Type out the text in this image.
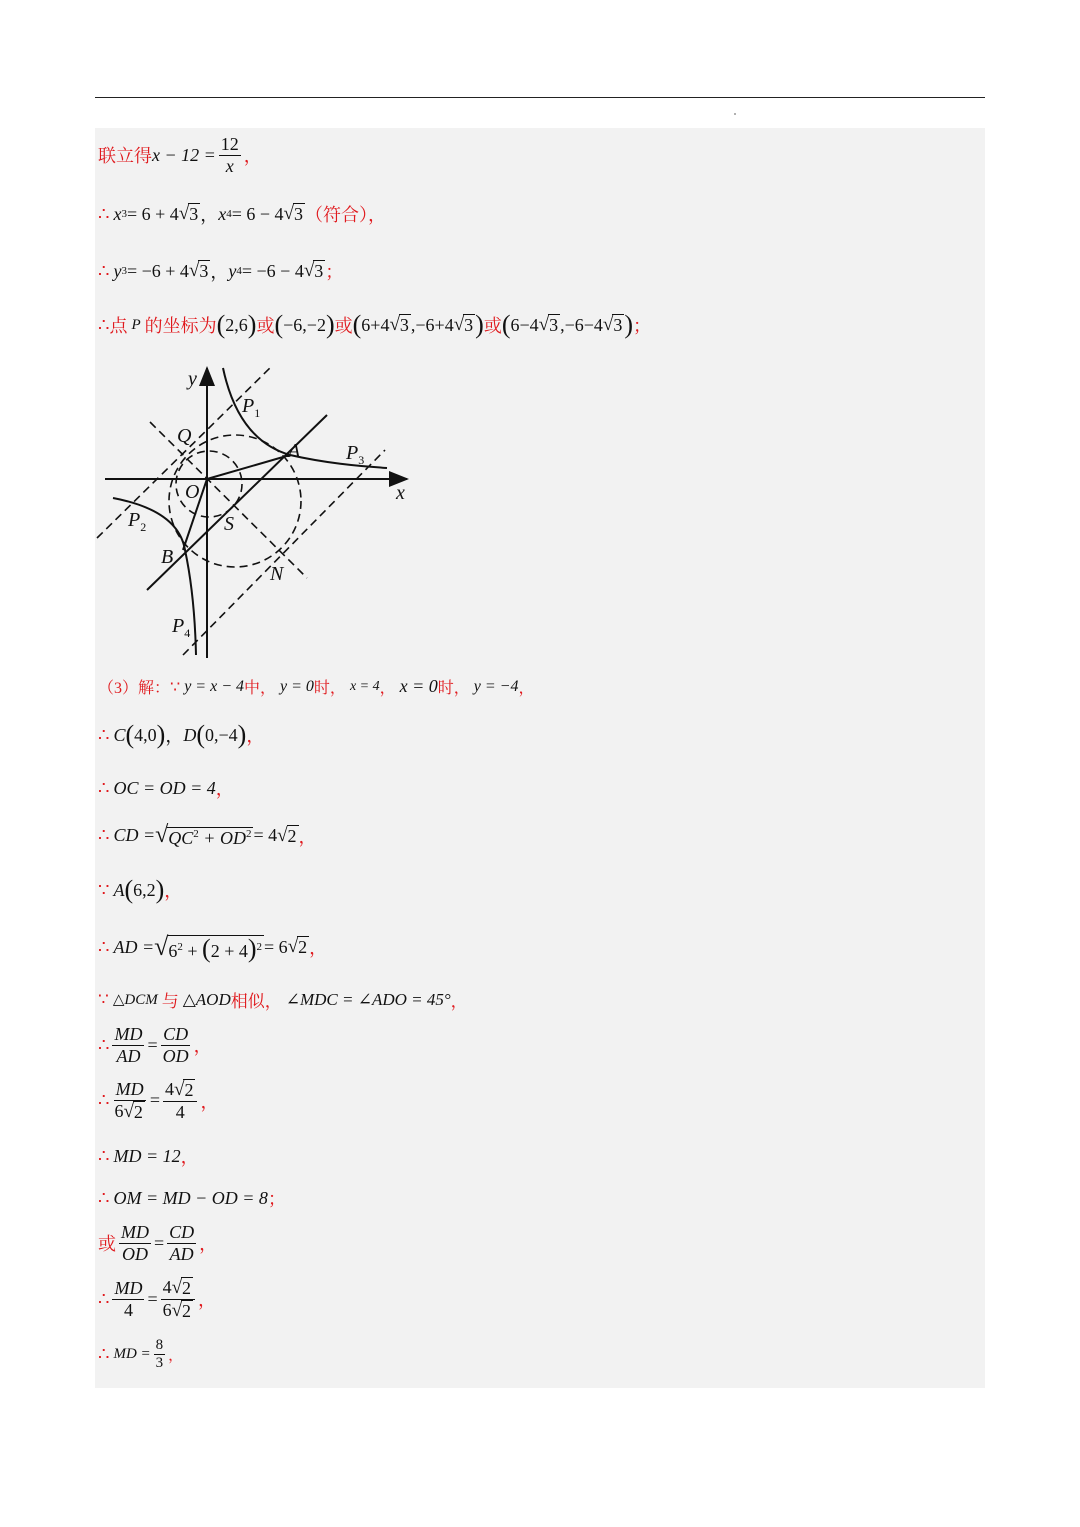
联立得 $x - 12 = \frac{12}{x}$ ，
∴ x 3 = 6 + 4 √ 3 ， x 4 = 6 − 4 √ 3 （符合），
∴ y 3 = −6 + 4 √ 3 ， y 4 = −6 − 4 √ 3 ；
∴ 点 P 的坐标为 ( 2,6 ) 或 ( −6,−2 ) 或 ( 6+4 √ 3 ,−6+4 √ 3 ) 或 ( 6−4 √ 3 ,−6−4 √ 3 ) ；
y
x
O
Q
A
B
S
N
$P_1$
$P_2$
$P_3$
$P_4$
（3）解： ∵ y = x − 4 中， y = 0 时， x = 4 ， x = 0 时， y = −4 ，
∴ C ( 4,0 ) ， D ( 0,−4 ) ，
∴ OC = OD = 4 ，
∴ CD = √ $QC^2 + OD^2 = 4$ √ 2 ，
∵ A ( 6,2 ) ，
∴ AD = √ $6^2 + (2 + 4)^2 = 6$ √ 2 ，
∵ △DCM 与 △AOD 相似， ∠MDC = ∠ADO = 45° ，
∴ $\frac{MD}{AD} = \frac{CD}{OD}$ ，
∴ $\frac{MD}{6 √ 2} = \frac{4 √ 2}{4}$ ，
∴ MD = 12 ，
∴ OM = MD − OD = 8 ；
或 $\frac{MD}{OD} = \frac{CD}{AD}$ ，
∴ $\frac{MD}{4} = \frac{4 √ 2}{6 √ 2}$ ，
∴ MD = $\frac{8}{3}$ ，
